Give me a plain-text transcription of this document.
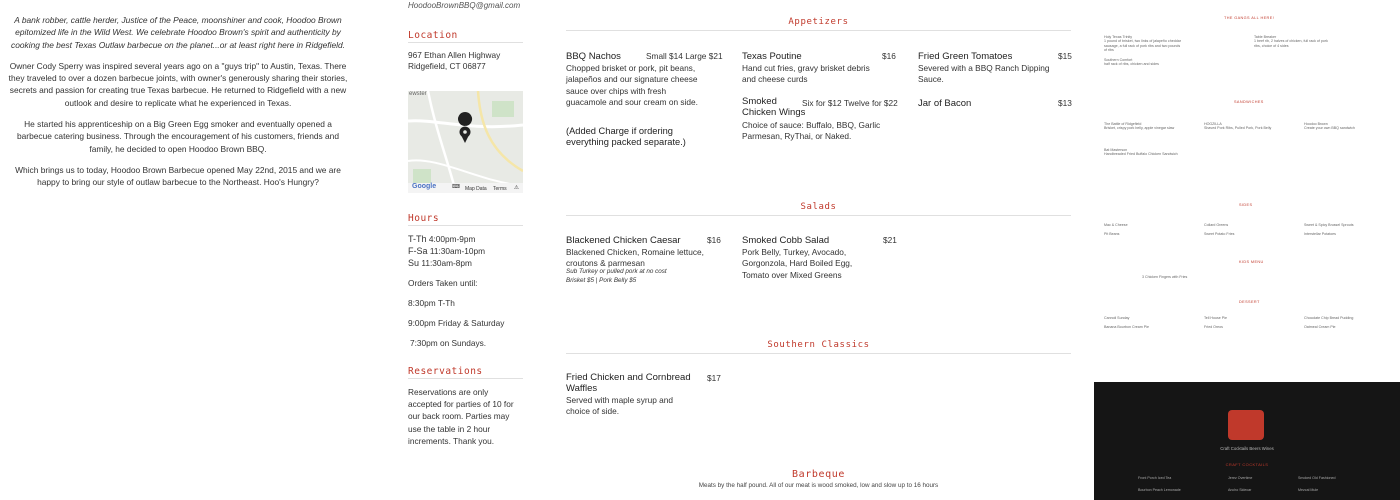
A bank robber, cattle herder, Justice of the Peace, moonshiner and cook, Hoodoo Brown epitomized life in the Wild West. We celebrate Hoodoo Brown's spirit and authenticity by cooking the best Texas Outlaw barbecue on the planet...or at least right here in Ridgefield.

Owner Cody Sperry was inspired several years ago on a "guys trip" to Austin, Texas. There they traveled to over a dozen barbecue joints, with owner's generously sharing their stories, secrets and passion for creating true Texas barbecue. He returned to Ridgefield with a new outlook and desire to replicate what he experienced in Texas.

He started his apprenticeship on a Big Green Egg smoker and eventually opened a barbecue catering business. Through the encouragement of his customers, friends and family, he decided to open Hoodoo Brown BBQ.

Which brings us to today, Hoodoo Brown Barbecue opened May 22nd, 2015 and we are happy to bring our style of outlaw barbecue to the Northeast. Hoo's Hungry?

HoodooBrownBBQ@gmail.com
Location
967 Ethan Allen Highway
Ridgefield, CT 06877
ewster
Google	⌨ Map Data Terms ⚠
Hours
T-Th 4:00pm-9pm
F-Sa 11:30am-10pm
Su 11:30am-8pm
Orders Taken until:
8:30pm T-Th
9:00pm Friday & Saturday
7:30pm on Sundays.
Reservations
Reservations are only accepted for parties of 10 for our back room. Parties may use the table in 2 hour increments. Thank you.
Appetizers
BBQ Nachos	Small $14 Large $21
Chopped brisket or pork, pit beans, jalapeños and our signature cheese sauce over chips with fresh guacamole and sour cream on side.
(Added Charge if ordering everything packed separate.)
Texas Poutine	$16
Hand cut fries, gravy brisket debris and cheese curds
Smoked Chicken Wings
Six for $12 Twelve for $22
Choice of sauce: Buffalo, BBQ, Garlic Parmesan, RyThai, or Naked.
Fried Green Tomatoes	$15
Severed with a BBQ Ranch Dipping Sauce.
Jar of Bacon	$13
Salads
Blackened Chicken Caesar	$16
Blackened Chicken, Romaine lettuce, croutons & parmesan
Sub Turkey or pulled pork at no cost Brisket $5 | Pork Belly $5
Smoked Cobb Salad	$21
Pork Belly, Turkey, Avocado, Gorgonzola, Hard Boiled Egg, Tomato over Mixed Greens
Southern Classics
Fried Chicken and Cornbread Waffles
$17
Served with maple syrup and choice of side.
Barbeque
Meats by the half pound. All of our meat is wood smoked, low and slow up to 16 hours
THE GANGS ALL HERE!
Holy Texas Trinity
1 pound of brisket, two links of jalapeño cheddar sausage, a full rack of pork ribs and two pounds of ribs
Southern Comfort
half rack of ribs, chicken and sides
Table Breaker
1 beef rib, 2 halves of chicken, full rack of pork ribs, choice of 4 sides
SANDWICHES
The Battle of Ridgefield
Brisket, crispy pork belly, apple vinegar slaw
Bat Masterson
Handbreaded Fried Buffalo Chicken Sandwich
HOGZILLA
Shaved Pork Ribs, Pulled Pork, Pork Belly
Hoodoo Brown
Create your own BBQ sandwich
SIDES
Mac & Cheese

Pit Beans
Collard Greens

Sweet Potato Fries
Sweet & Spicy Brussel Sprouts

Interstellar Potatoes
KIDS MENU
3 Chicken Fingers with Fries
DESSERT
Cannoli Sunday

Banana Bourbon Cream Pie
Tell House Pie

Fried Oreos
Chocolate Chip Bread Pudding

Oatmeal Cream Pie
Craft Cocktails Beers Wines
CRAFT COCKTAILS
Front Porch Iced Tea	Jerez Overtime	Smoked Old Fashioned
Bourbon Peach Lemonade	Ancho Sidecar	Mezcal Mule
